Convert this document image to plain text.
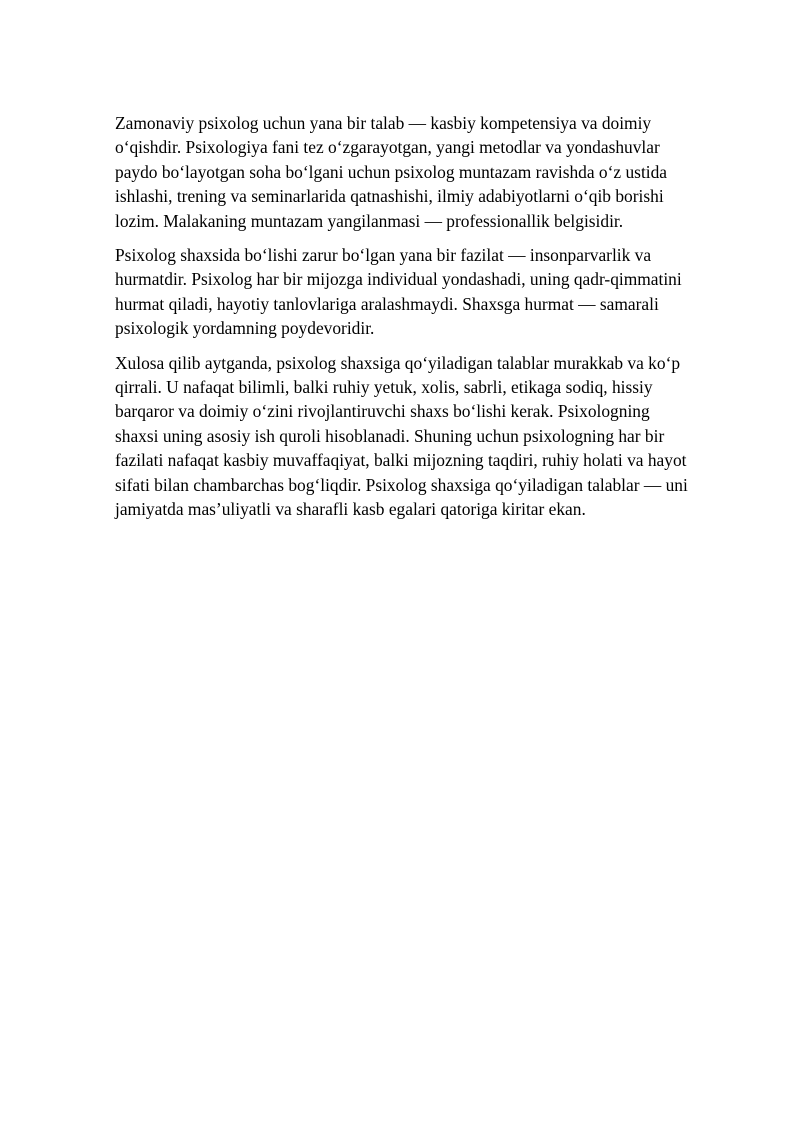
Zamonaviy psixolog uchun yana bir talab — kasbiy kompetensiya va doimiy o‘qishdir. Psixologiya fani tez o‘zgarayotgan, yangi metodlar va yondashuvlar paydo bo‘layotgan soha bo‘lgani uchun psixolog muntazam ravishda o‘z ustida ishlashi, trening va seminarlarida qatnashishi, ilmiy adabiyotlarni o‘qib borishi lozim. Malakaning muntazam yangilanmasi — professionallik belgisidir.

Psixolog shaxsida bo‘lishi zarur bo‘lgan yana bir fazilat — insonparvarlik va hurmatdir. Psixolog har bir mijozga individual yondashadi, uning qadr-qimmatini hurmat qiladi, hayotiy tanlovlariga aralashmaydi. Shaxsga hurmat — samarali psixologik yordamning poydevoridir.

Xulosa qilib aytganda, psixolog shaxsiga qo‘yiladigan talablar murakkab va ko‘p qirrali. U nafaqat bilimli, balki ruhiy yetuk, xolis, sabrli, etikaga sodiq, hissiy barqaror va doimiy o‘zini rivojlantiruvchi shaxs bo‘lishi kerak. Psixologning shaxsi uning asosiy ish quroli hisoblanadi. Shuning uchun psixologning har bir fazilati nafaqat kasbiy muvaffaqiyat, balki mijozning taqdiri, ruhiy holati va hayot sifati bilan chambarchas bog‘liqdir. Psixolog shaxsiga qo‘yiladigan talablar — uni jamiyatda mas’uliyatli va sharafli kasb egalari qatoriga kiritar ekan.
